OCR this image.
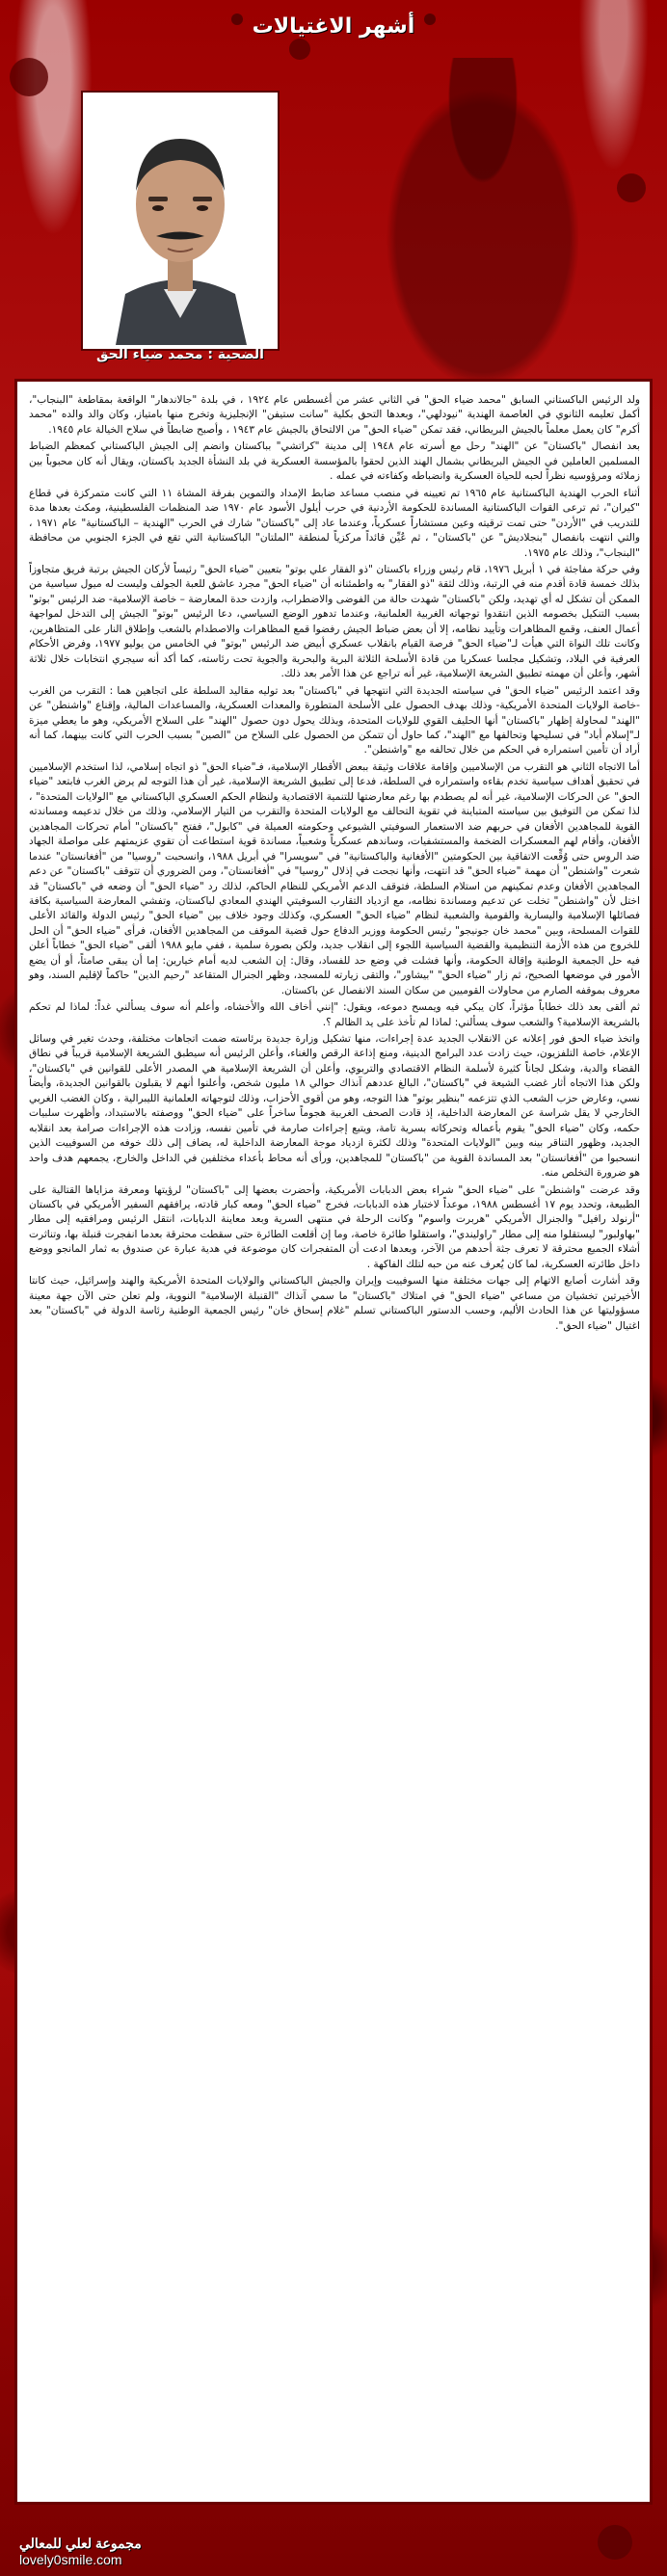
أشهر الاغتيالات
الضحية : محمد ضياء الحق

ولد الرئيس الباكستاني السابق "محمد ضياء الحق" في الثاني عشر من أغسطس عام ١٩٢٤ ، في بلدة "جالاندهار" الواقعة بمقاطعة "البنجاب"، أكمل تعليمه الثانوي في العاصمة الهندية "نيودلهي"، وبعدها التحق بكلية "سانت ستيفن" الإنجليزية وتخرج منها بامتياز، وكان والد والده "محمد أكرم" كان يعمل معلماً بالجيش البريطاني، فقد تمكن "ضياء الحق" من الالتحاق بالجيش عام ١٩٤٣ ، وأصبح ضابطاً في سلاح الخيالة عام ١٩٤٥.

بعد انفصال "باكستان" عن "الهند" رحل مع أسرته عام ١٩٤٨ إلى مدينة "كراتشي" بباكستان وانضم إلى الجيش الباكستاني كمعظم الضباط المسلمين العاملين في الجيش البريطاني بشمال الهند الذين لحقوا بالمؤسسة العسكرية في بلد النشأة الجديد باكستان، ويقال أنه كان محبوباً بين زملائه ومرؤوسيه نظراً لحبه للحياة العسكرية وانضباطه وكفاءته في عمله .

أثناء الحرب الهندية الباكستانية عام ١٩٦٥ تم تعيينه في منصب مساعد ضابط الإمداد والتموين بفرقة المشاة ١١ التي كانت متمركزة في قطاع "كيران"، ثم ترعى القوات الباكستانية المساندة للحكومة الأردنية في حرب أيلول الأسود عام ١٩٧٠ ضد المنظمات الفلسطينية، ومكث بعدها مدة للتدريب في "الأردن" حتى تمت ترقيته وعين مستشاراً عسكرياً، وعندما عاد إلى "باكستان" شارك في الحرب "الهندية – الباكستانية" عام ١٩٧١ ، والتي انتهت بانفصال "بنجلاديش" عن "باكستان" ، ثم عُيِّن قائداً مركزياً لمنطقة "الملتان" الباكستانية التي تقع في الجزء الجنوبي من محافظة "البنجاب"، وذلك عام ١٩٧٥.

وفي حركة مفاجئة في ١ أبريل ١٩٧٦، قام رئيس وزراء باكستان "ذو الفقار علي بوتو" بتعيين "ضياء الحق" رئيساً لأركان الجيش برتبة فريق متجاوزاً بذلك خمسة قادة أقدم منه في الرتبة، وذلك لثقة "ذو الفقار" به واطمئنانه أن "ضياء الحق" مجرد عاشق للعبة الجولف وليست له ميول سياسية من الممكن أن تشكل له أي تهديد، ولكن "باكستان" شهدت حالة من الفوضى والاضطراب، وازدت حدة المعارضة – خاصة الإسلامية- ضد الرئيس "بوتو" بسبب التنكيل بخصومه الذين انتقدوا توجهاته الغربية العلمانية، وعندما تدهور الوضع السياسي، دعا الرئيس "بوتو" الجيش إلى التدخل لمواجهة أعمال العنف، وقمع المظاهرات وتأييد نظامه، إلا أن بعض ضباط الجيش رفضوا قمع المظاهرات والاصطدام بالشعب وإطلاق النار على المتظاهرين، وكانت تلك النواة التي هيأت لـ"ضياء الحق" فرصة القيام بانقلاب عسكري أبيض ضد الرئيس "بوتو" في الخامس من يوليو ١٩٧٧، وفرض الأحكام العرفية في البلاد، وتشكيل مجلسا عسكريا من قادة الأسلحة الثلاثة البرية والبحرية والجوية تحت رئاسته، كما أكد أنه سيجري انتخابات خلال ثلاثة أشهر، وأعلن أن مهمته تطبيق الشريعة الإسلامية، غير أنه تراجع عن هذا الأمر بعد ذلك.

وقد اعتمد الرئيس "ضياء الحق" في سياسته الجديدة التي انتهجها في "باكستان" بعد توليه مقاليد السلطة على اتجاهين هما : التقرب من الغرب -خاصة الولايات المتحدة الأمريكية- وذلك بهدف الحصول على الأسلحة المتطورة والمعدات العسكرية، والمساعدات المالية، وإقناع "واشنطن" عن "الهند" لمحاولة إظهار "باكستان" أنها الحليف القوي للولايات المتحدة، وبذلك يحول دون حصول "الهند" على السلاح الأمريكي، وهو ما يعطي ميزة لـ"إسلام أباد" في تسليحها وتحالفها مع "الهند"، كما حاول أن تتمكن من الحصول على السلاح من "الصين" بسبب الحرب التي كانت بينهما، كما أنه أراد أن تأمين استمراره في الحكم من خلال تحالفه مع "واشنطن".

أما الاتجاه الثاني هو التقرب من الإسلاميين وإقامة علاقات وثيقة ببعض الأقطار الإسلامية، فـ"ضياء الحق" ذو اتجاه إسلامي، لذا استخدم الإسلاميين في تحقيق أهداف سياسية تخدم بقاءه واستمراره في السلطة، فدعا إلى تطبيق الشريعة الإسلامية، غير أن هذا التوجه لم يرض الغرب فابتعد "ضياء الحق" عن الحركات الإسلامية، غير أنه لم يصطدم بها رغم معارضتها للتنمية الاقتصادية ولنظام الحكم العسكري الباكستاني مع "الولايات المتحدة" ، لذا تمكن من التوفيق بين سياسته المتباينة في تقوية التحالف مع الولايات المتحدة والتقرب من التيار الإسلامي، وذلك من خلال تدعيمه ومساندته القوية للمجاهدين الأفغان في حربهم ضد الاستعمار السوفيتي الشيوعي وحكومته العميلة في "كابول"، ففتح "باكستان" أمام تحركات المجاهدين الأفغان، وأقام لهم المعسكرات الضخمة والمستشفيات، وساندهم عسكرياً وشعبياً، مساندة قوية استطاعت أن تقوي عزيمتهم على مواصلة الجهاد ضد الروس حتى وُقِّعت الاتفاقية بين الحكومتين "الأفغانية والباكستانية" في "سويسرا" في أبريل ١٩٨٨، وانسحبت "روسيا" من "أفغانستان" عندما شعرت "واشنطن" أن مهمة "ضياء الحق" قد انتهت، وأنها نجحت في إذلال "روسيا" في "أفغانستان"، ومن الضروري أن تتوقف "باكستان" عن دعم المجاهدين الأفغان وعدم تمكينهم من استلام السلطة، فتوقف الدعم الأمريكي للنظام الحاكم، لذلك رد "ضياء الحق" أن وضعه في "باكستان" قد اختل لأن "واشنطن" تخلت عن تدعيم ومساندة نظامه، مع ازدياد التقارب السوفيتي الهندي المعادي لباكستان، وتفشي المعارضة السياسية بكافة فصائلها الإسلامية واليسارية والقومية والشعبية لنظام "ضياء الحق" العسكري، وكذلك وجود خلاف بين "ضياء الحق" رئيس الدولة والقائد الأعلى للقوات المسلحة، وبين "محمد خان جونيجو" رئيس الحكومة ووزير الدفاع حول قضية الموقف من المجاهدين الأفغان، فرأى "ضياء الحق" أن الحل للخروج من هذه الأزمة التنظيمية والقضية السياسية اللجوء إلى انقلاب جديد، ولكن بصورة سلمية ، ففي مايو ١٩٨٨ ألقى "ضياء الحق" خطاباً أعلن فيه حل الجمعية الوطنية وإقالة الحكومة، وأنها فشلت في وضع حد للفساد، وقال: إن الشعب لديه أمام خيارين: إما أن يبقى صامتاً، أو أن يضع الأمور في موضعها الصحيح، ثم زار "ضياء الحق" "بيشاور"، والتقى زيارته للمسجد، وظهر الجنرال المتقاعد "رحيم الدين" حاكماً لإقليم السند، وهو معروف بموقفه الصارم من محاولات القوميين من سكان السند الانفصال عن باكستان.

ثم ألقى بعد ذلك خطاباً مؤثراً، كان يبكي فيه ويمسح دموعه، ويقول: "إنني أخاف الله والأخشاه، وأعلم أنه سوف يسألني غداً: لماذا لم تحكم بالشريعة الإسلامية؟ والشعب سوف يسألني: لماذا لم تأخذ على يد الظالم ؟.

واتخذ ضياء الحق فور إعلانه عن الانقلاب الجديد عدة إجراءات، منها تشكيل وزارة جديدة برئاسته ضمت اتجاهات مختلفة، وحدث تغير في وسائل الإعلام، خاصة التلفزيون، حيث زادت عدد البرامج الدينية، ومنع إذاعة الرقص والغناء، وأعلن الرئيس أنه سيطبق الشريعة الإسلامية قريباً في نطاق القضاء والدية، وشكل لجاناً كثيرة لأسلمة النظام الاقتصادي والتربوي، وأعلن أن الشريعة الإسلامية هي المصدر الأعلى للقوانين في "باكستان"، ولكن هذا الاتجاه أثار غضب الشيعة في "باكستان"، البالغ عددهم آنذاك حوالي ١٨ مليون شخص، وأعلنوا أنهم لا يقبلون بالقوانين الجديدة، وأيضاً نسي، وعارض حزب الشعب الذي تتزعمه "بنظير بوتو" هذا التوجه، وهو من أقوى الأحزاب، وذلك لتوجهاته العلمانية الليبرالية ، وكان الغضب الغربي الخارجي لا يقل شراسة عن المعارضة الداخلية، إذ قادت الصحف الغربية هجوماً ساخراً على "ضياء الحق" ووصفته بالاستبداد، وأظهرت سلبيات حكمه، وكان "ضياء الحق" يقوم بأعماله وتحركاته بسرية تامة، ويتبع إجراءات صارمة في تأمين نفسه، وزادت هذه الإجراءات صرامة بعد انقلابه الجديد، وظهور التناقر بينه وبين "الولايات المتحدة" وذلك لكثرة ازدياد موجة المعارضة الداخلية له، يضاف إلى ذلك خوفه من السوفييت الذين انسحبوا من "أفغانستان" بعد المساندة القوية من "باكستان" للمجاهدين، ورأى أنه محاط بأعداء مختلفين في الداخل والخارج، يجمعهم هدف واحد هو ضرورة التخلص منه.

وقد عرضت "واشنطن" على "ضياء الحق" شراء بعض الدبابات الأمريكية، وأحضرت بعضها إلى "باكستان" لرؤيتها ومعرفة مزاياها القتالية على الطبيعة، وتحدد يوم ١٧ أغسطس ١٩٨٨، موعداً لاختبار هذه الدبابات، فخرج "ضياء الحق" ومعه كبار قادته، يرافقهم السفير الأمريكي في باكستان "أرنولد رافيل" والجنرال الأمريكي "هربرت واسوم" وكانت الرحلة في منتهى السرية وبعد معاينة الدبابات، انتقل الرئيس ومرافقيه إلى مطار "بهاولبور" ليستقلوا منه إلى مطار "راوليندي"، واستقلوا طائرة خاصة، وما إن أقلعت الطائرة حتى سقطت محترقة بعدما انفجرت قنبلة بها، وتناثرت أشلاء الجميع محترقة لا تعرف جثة أحدهم من الآخر، وبعدها ادعت أن المتفجرات كان موضوعة في هدية عبارة عن صندوق به ثمار المانجو ووضع داخل طائرته العسكرية، لما كان يُعرف عنه من حبه لتلك الفاكهة .

وقد أشارت أصابع الاتهام إلى جهات مختلفة منها السوفييت وإيران والجيش الباكستاني والولايات المتحدة الأمريكية والهند وإسرائيل، حيث كانتا الأخيرتين تخشيان من مساعي "ضياء الحق" في امتلاك "باكستان" ما سمي آنذاك "القنبلة الإسلامية" النووية، ولم تعلن حتى الآن جهة معينة مسؤوليتها عن هذا الحادث الأليم، وحسب الدستور الباكستاني تسلم "غلام إسحاق خان" رئيس الجمعية الوطنية رئاسة الدولة في "باكستان" بعد اغتيال "ضياء الحق".

مجموعة لعلي للمعالي
lovely0smile.com
